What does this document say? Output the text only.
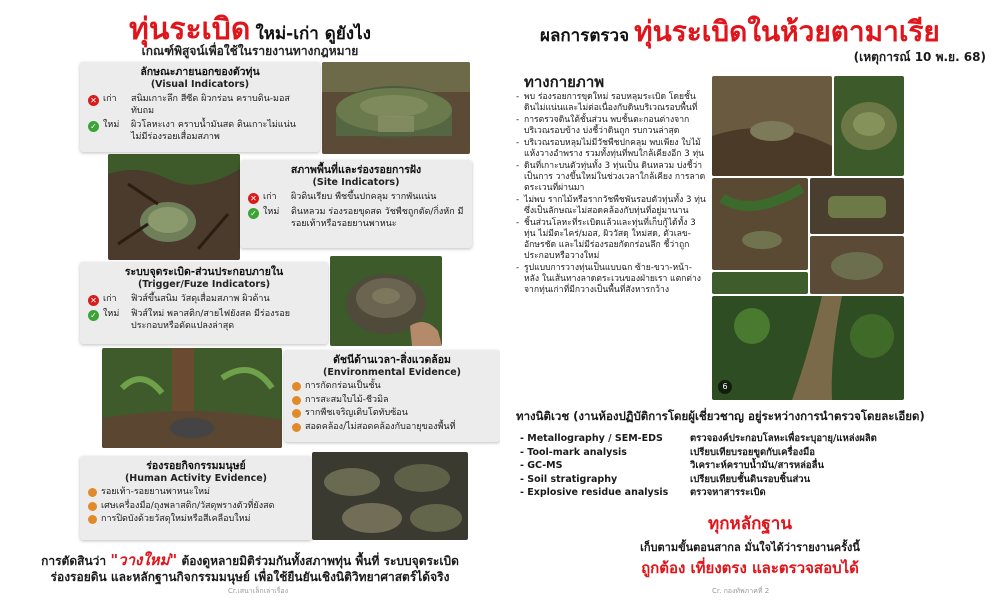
ทุ่นระเบิด ใหม่-เก่า ดูยังไง
เกณฑ์พิสูจน์เพื่อใช้ในรายงานทางกฎหมาย
ลักษณะภายนอกของตัวทุ่น
(Visual Indicators)
✕ เก่า	สนิมเกาะลึก สีซีด ผิวกร่อน คราบดิน-มอสทับถม
✓ ใหม่	ผิวโลหะเงา คราบน้ำมันสด ดินเกาะไม่แน่น ไม่มีร่องรอยเสื่อมสภาพ
สภาพพื้นที่และร่องรอยการฝัง
(Site Indicators)
✕ เก่า	ผิวดินเรียบ พืชขึ้นปกคลุม รากพันแน่น
✓ ใหม่	ดินหลวม ร่องรอยขุดสด วัชพืชถูกตัด/กิ่งหัก มีรอยเท้าหรือรอยยานพาหนะ
ระบบจุดระเบิด-ส่วนประกอบภายใน
(Trigger/Fuze Indicators)
✕ เก่า	ฟิวส์ขึ้นสนิม วัสดุเสื่อมสภาพ ผิวด้าน
✓ ใหม่	ฟิวส์ใหม่ พลาสติก/สายไฟยังสด มีร่องรอยประกอบหรือดัดแปลงล่าสุด
ดัชนีด้านเวลา-สิ่งแวดล้อม
(Environmental Evidence)
การกัดกร่อนเป็นชั้น
การสะสมใบไม้-ชีวมิล
รากพืชเจริญเติบโตทับซ้อน
สอดคล้อง/ไม่สอดคล้องกับอายุของพื้นที่
ร่องรอยกิจกรรมมนุษย์
(Human Activity Evidence)
รอยเท้า-รอยยานพาหนะใหม่
เศษเครื่องมือ/ถุงพลาสติก/วัสดุพรางตัวที่ยังสด
การปิดบังด้วยวัสดุใหม่หรือสีเคลือบใหม่
การตัดสินว่า "วางใหม่" ต้องดูหลายมิติร่วมกันทั้งสภาพทุ่น พื้นที่ ระบบจุดระเบิด
ร่องรอยดิน และหลักฐานกิจกรรมมนุษย์ เพื่อใช้ยืนยันเชิงนิติวิทยาศาสตร์ได้จริง
Cr.เสนาเล็กเล่าเรื่อง
ผลการตรวจ ทุ่นระเบิดในห้วยตามาเรีย
(เหตุการณ์ 10 พ.ย. 68)
ทางกายภาพ
- พบ ร่องรอยการขุดใหม่ รอบหลุมระเบิด โดยชั้นดินไม่แน่นและไม่ต่อเนื่องกับดินบริเวณรอบพื้นที่
- การตรวจดินใต้ชั้นส่วน พบชั้นตะกอนต่างจากบริเวณรอบข้าง บ่งชี้ว่าดินถูก รบกวนล่าสุด
- บริเวณรอบหลุมไม่มีวัชพืชปกคลุม พบเพียง ใบไม้แห้งวางอำพราง รวมทั้งทุ่นที่พบใกล้เคียงอีก 3 ทุ่น
- ดินที่เกาะบนตัวทุ่นทั้ง 3 ทุ่นเป็น ดินหลวม บ่งชี้ว่าเป็นการ วางขึ้นใหม่ในช่วงเวลาใกล้เคียง การลาดตระเวนที่ผ่านมา
- ไม่พบ รากไม้หรือรากวัชพืชพันรอบตัวทุ่นทั้ง 3 ทุ่น ซึ่งเป็นลักษณะไม่สอดคล้องกับทุ่นที่อยู่มานาน
- ชิ้นส่วนโลหะที่ระเบิดแล้วและทุ่นที่เก็บกู้ได้ทั้ง 3 ทุ่น ไม่มีตะไคร่/มอส, ผิววัสดุ ใหม่สด, ตัวเลข-อักษรชัด และไม่มีร่องรอยกัดกร่อนลึก ชี้ว่าถูก ประกอบหรือวางใหม่
- รูปแบบการวางทุ่นเป็นแบบฉก ซ้าย-ขวา-หน้า-หลัง ในเส้นทางลาดตระเวนของฝ่ายเรา แตกต่างจากทุ่นเก่าที่มีกวางเป็นพื้นที่สังหารกว้าง
6
ทางนิติเวช (งานห้องปฏิบัติการโดยผู้เชี่ยวชาญ อยู่ระหว่างการนำตรวจโดยละเอียด)
- Metallography / SEM-EDS	ตรวจองค์ประกอบโลหะเพื่อระบุอายุ/แหล่งผลิต
- Tool-mark analysis	เปรียบเทียบรอยขูดกับเครื่องมือ
- GC-MS	วิเคราะห์คราบน้ำมัน/สารหล่อลื่น
- Soil stratigraphy	เปรียบเทียบชั้นดินรอบชิ้นส่วน
- Explosive residue analysis	ตรวจหาสารระเบิด
ทุกหลักฐาน
เก็บตามขั้นตอนสากล มั่นใจได้ว่ารายงานครั้งนี้
ถูกต้อง เที่ยงตรง และตรวจสอบได้
Cr. กองทัพภาคที่ 2
